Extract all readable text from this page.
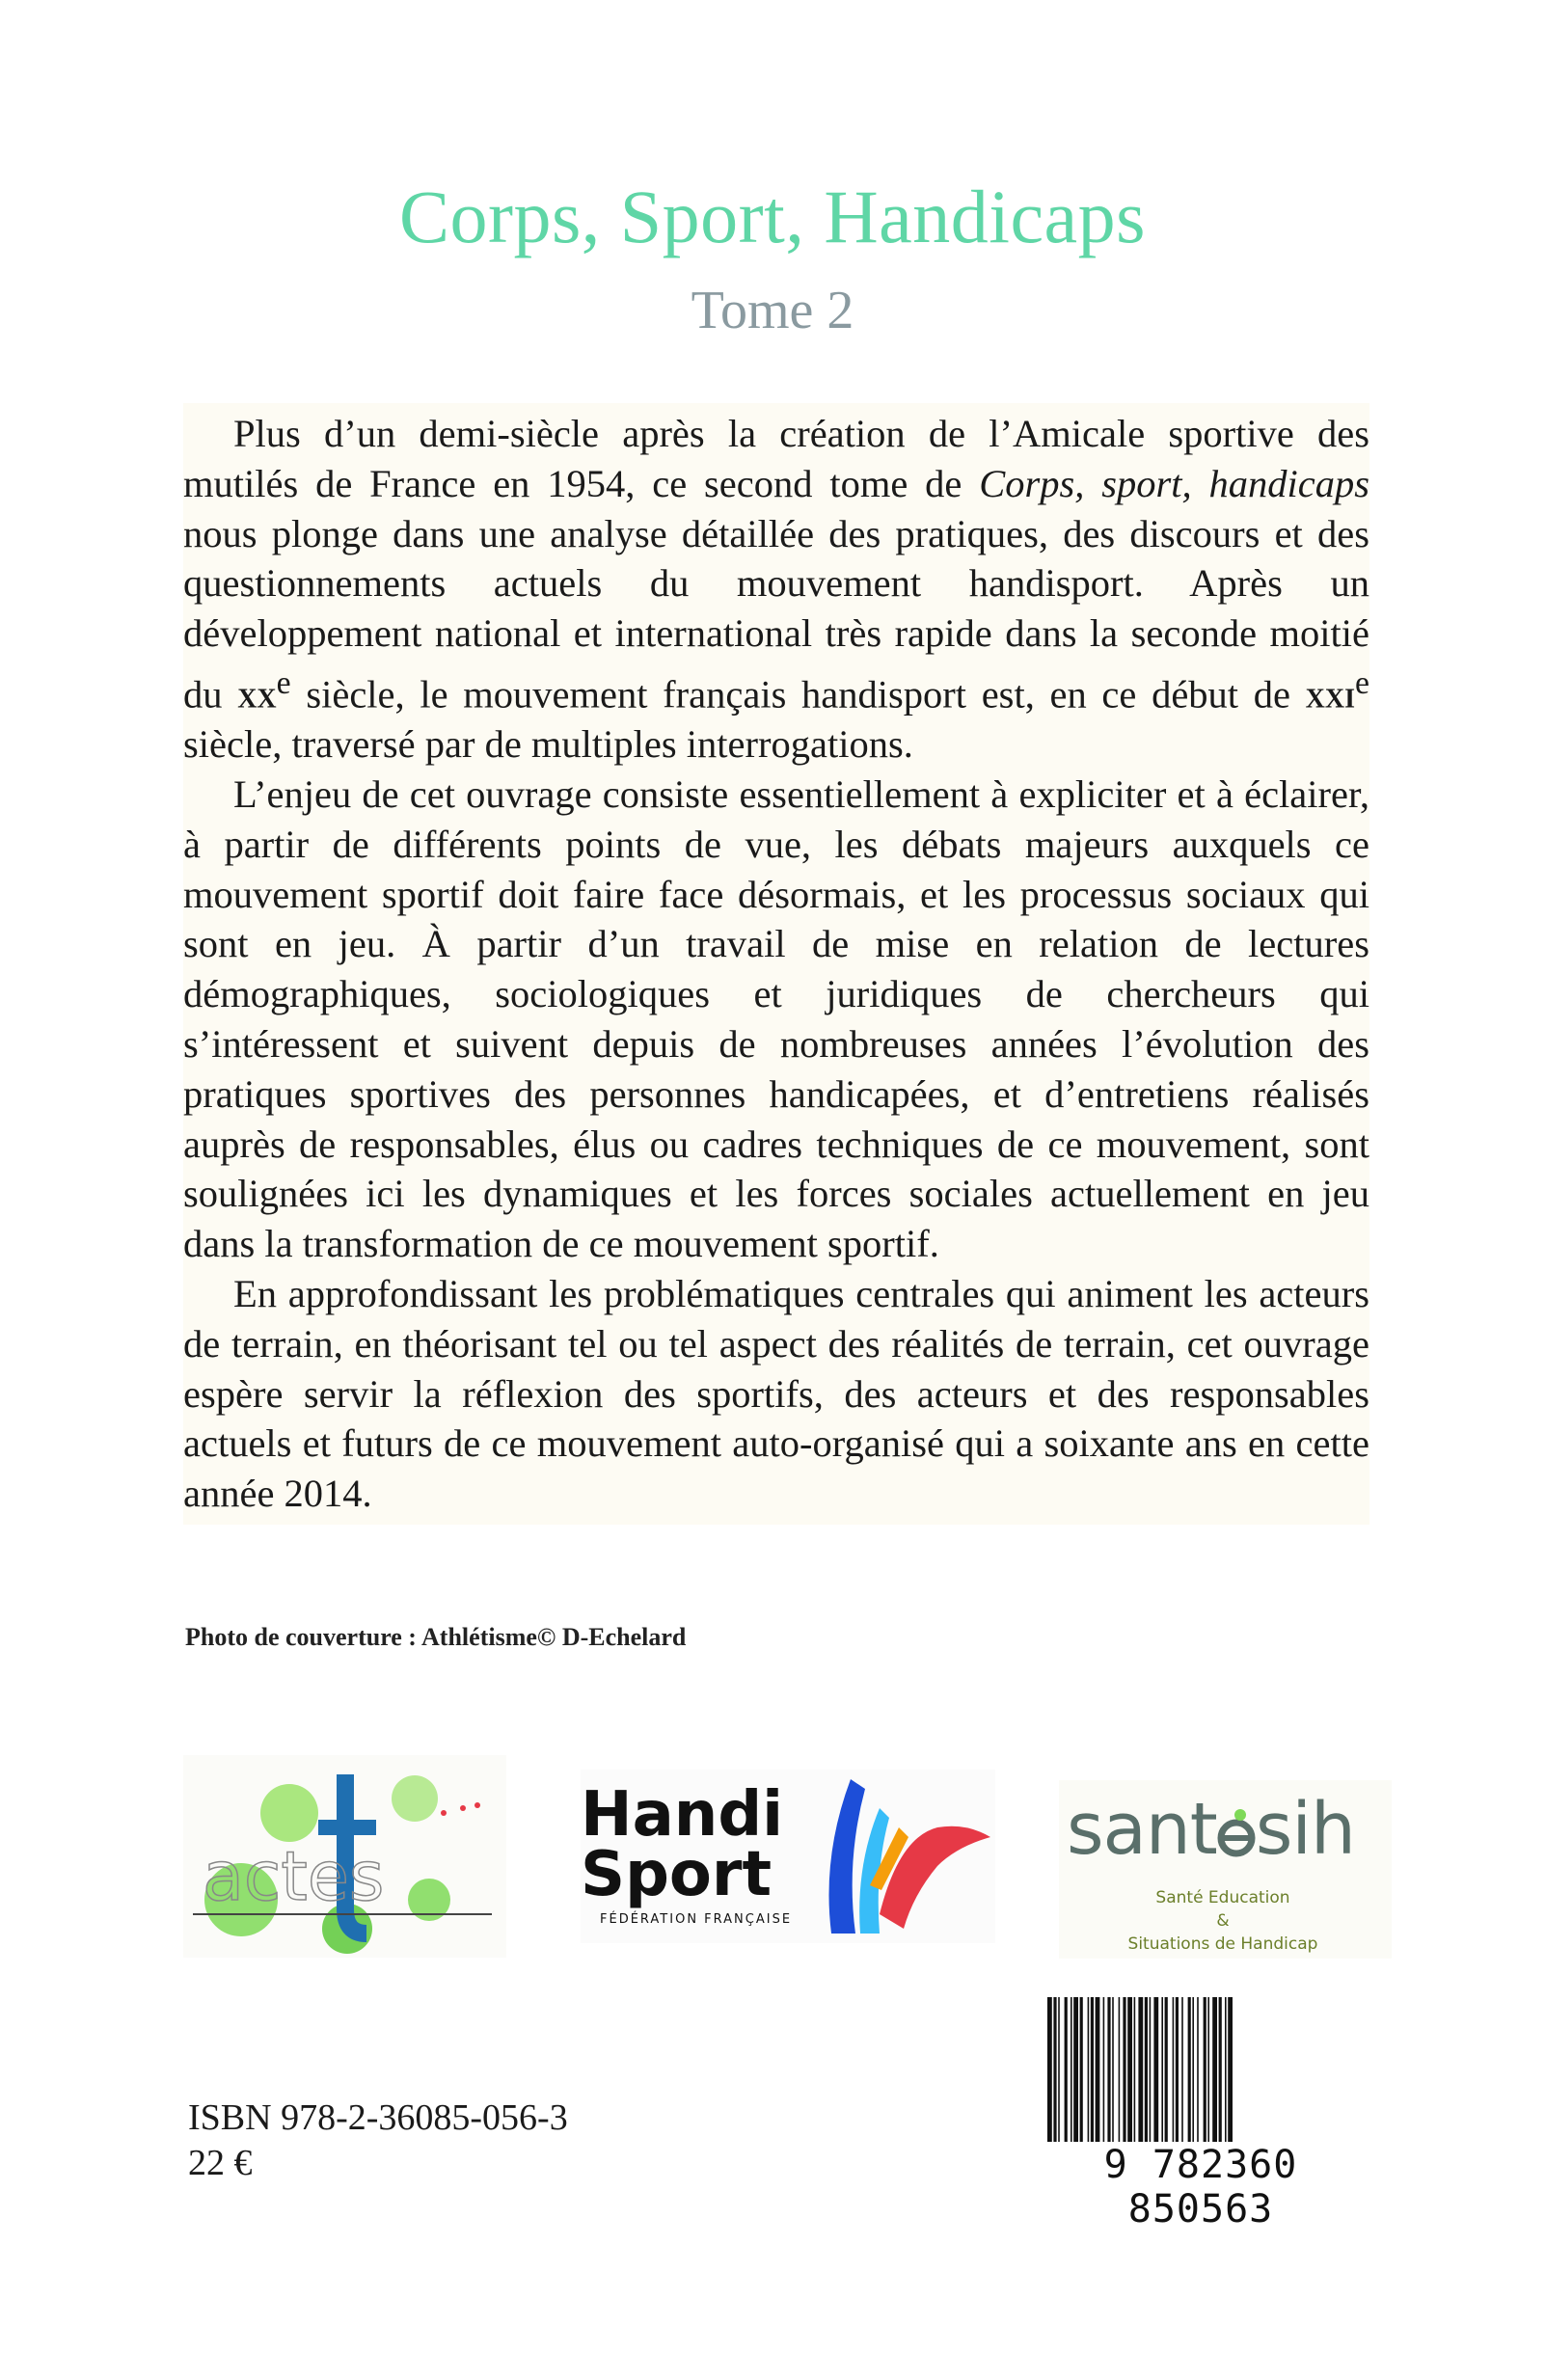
Corps, Sport, Handicaps
Tome 2

Plus d’un demi-siècle après la création de l’Amicale sportive des mutilés de France en 1954, ce second tome de Corps, sport, handicaps nous plonge dans une analyse détaillée des pratiques, des discours et des questionnements actuels du mouvement handisport. Après un développement national et international très rapide dans la seconde moitié du $xx^e$ siècle, le mouvement français handisport est, en ce début de xxi$^e$ siècle, traversé par de multiples interrogations.

L’enjeu de cet ouvrage consiste essentiellement à expliciter et à éclairer, à partir de différents points de vue, les débats majeurs auxquels ce mouvement sportif doit faire face désormais, et les processus sociaux qui sont en jeu. À partir d’un travail de mise en relation de lectures démographiques, sociologiques et juridiques de chercheurs qui s’intéressent et suivent depuis de nombreuses années l’évolution des pratiques sportives des personnes handicapées, et d’entretiens réalisés auprès de responsables, élus ou cadres techniques de ce mouvement, sont soulignées ici les dynamiques et les forces sociales actuellement en jeu dans la transformation de ce mouvement sportif.

En approfondissant les problématiques centrales qui animent les acteurs de terrain, en théorisant tel ou tel aspect des réalités de terrain, cet ouvrage espère servir la réflexion des sportifs, des acteurs et des responsables actuels et futurs de ce mouvement auto-organisé qui a soixante ans en cette année 2014.

Photo de couverture : Athlétisme© D-Echelard
actes
Handi
Sport
FÉDÉRATION FRANÇAISE
sant sih
Santé Education
&
Situations de Handicap
ISBN 978-2-36085-056-3
22 €	9 782360 850563
